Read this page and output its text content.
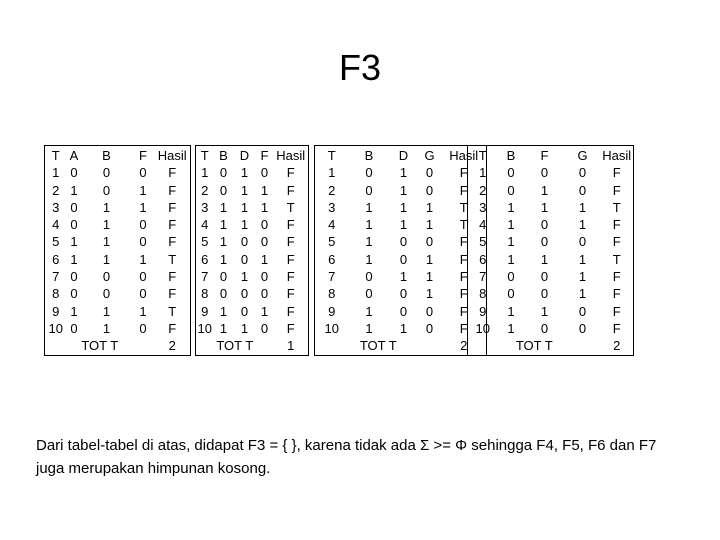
F3
T	A	B	F	Hasil
1	0	0	0	F
2	1	0	1	F
3	0	1	1	F
4	0	1	0	F
5	1	1	0	F
6	1	1	1	T
7	0	0	0	F
8	0	0	0	F
9	1	1	1	T
10	0	1	0	F
TOT T				2
T	B	D	F	Hasil
1	0	1	0	F
2	0	1	1	F
3	1	1	1	T
4	1	1	0	F
5	1	0	0	F
6	1	0	1	F
7	0	1	0	F
8	0	0	0	F
9	1	0	1	F
10	1	1	0	F
TOT T				1
T	B	D	G	Hasil
1	0	1	0	F
2	0	1	0	F
3	1	1	1	T
4	1	1	1	T
5	1	0	0	F
6	1	0	1	F
7	0	1	1	F
8	0	0	1	F
9	1	0	0	F
10	1	1	0	F
TOT T				2
T	B	F	G	Hasil
1	0	0	0	F
2	0	1	0	F
3	1	1	1	T
4	1	0	1	F
5	1	0	0	F
6	1	1	1	T
7	0	0	1	F
8	0	0	1	F
9	1	1	0	F
10	1	0	0	F
TOT T				2
Dari tabel-tabel di atas, didapat F3 = { }, karena tidak ada Σ >= Φ sehingga F4, F5, F6 dan F7 juga merupakan himpunan kosong.
